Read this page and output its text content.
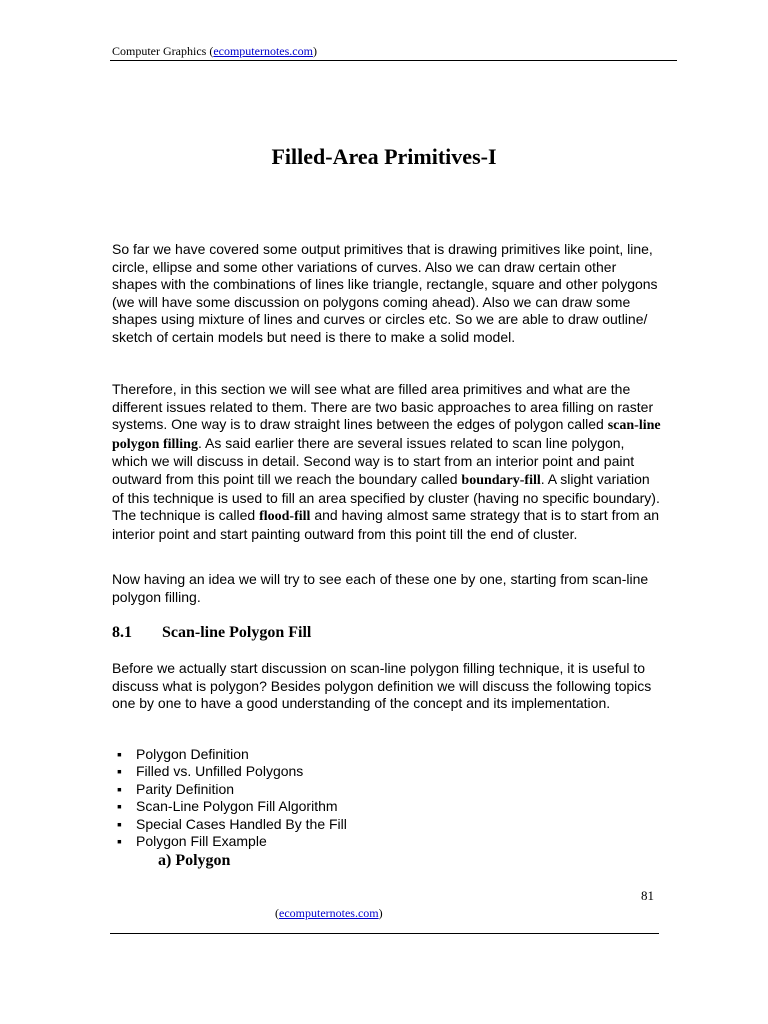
Computer Graphics (ecomputernotes.com)
Filled-Area Primitives-I
So far we have covered some output primitives that is drawing primitives like point, line, circle, ellipse and some other variations of curves. Also we can draw certain other shapes with the combinations of lines like triangle, rectangle, square and other polygons (we will have some discussion on polygons coming ahead). Also we can draw some shapes using mixture of lines and curves or circles etc. So we are able to draw outline/ sketch of certain models but need is there to make a solid model.
Therefore, in this section we will see what are filled area primitives and what are the different issues related to them. There are two basic approaches to area filling on raster systems. One way is to draw straight lines between the edges of polygon called scan-line polygon filling. As said earlier there are several issues related to scan line polygon, which we will discuss in detail. Second way is to start from an interior point and paint outward from this point till we reach the boundary called boundary-fill. A slight variation of this technique is used to fill an area specified by cluster (having no specific boundary). The technique is called flood-fill and having almost same strategy that is to start from an interior point and start painting outward from this point till the end of cluster.
Now having an idea we will try to see each of these one by one, starting from scan-line polygon filling.
8.1 Scan-line Polygon Fill
Before we actually start discussion on scan-line polygon filling technique, it is useful to discuss what is polygon? Besides polygon definition we will discuss the following topics one by one to have a good understanding of the concept and its implementation.
▪ Polygon Definition
▪ Filled vs. Unfilled Polygons
▪ Parity Definition
▪ Scan-Line Polygon Fill Algorithm
▪ Special Cases Handled By the Fill
▪ Polygon Fill Example
a) Polygon
81
(ecomputernotes.com)
